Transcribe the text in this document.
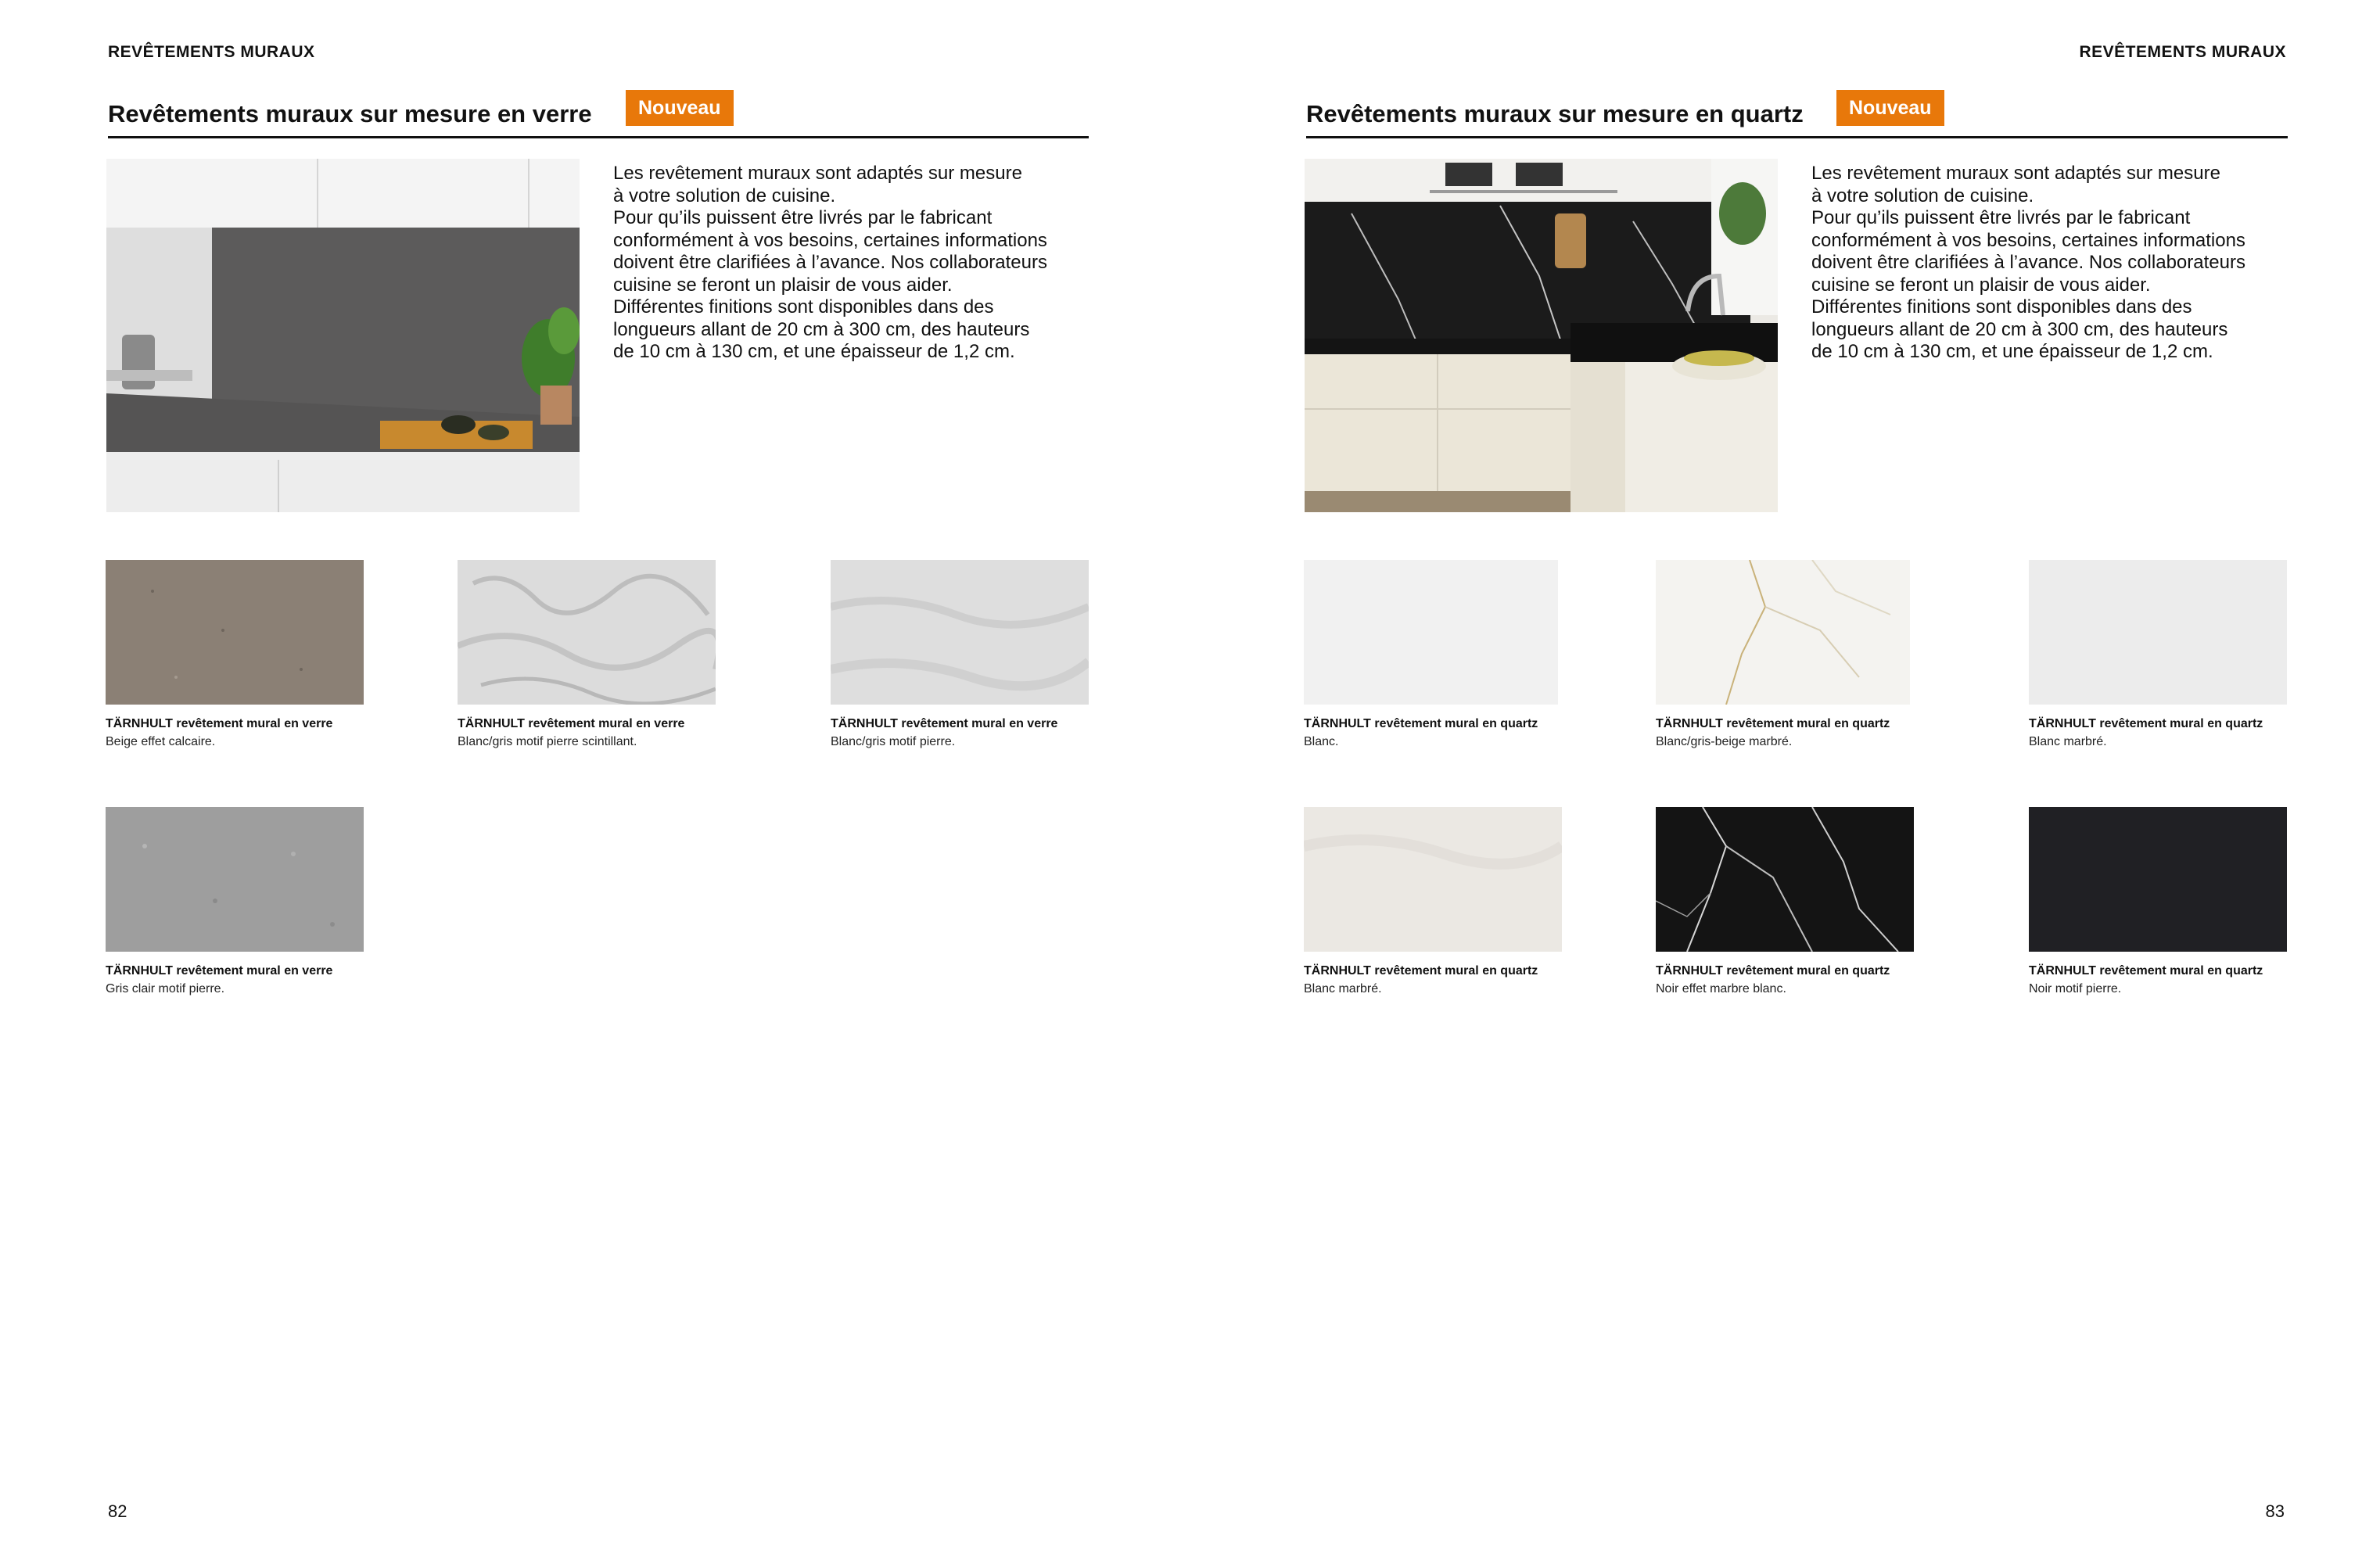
REVÊTEMENTS MURAUX
Revêtements muraux sur mesure en verre	Nouveau

Les revêtement muraux sont adaptés sur mesure

à votre solution de cuisine.

Pour qu’ils puissent être livrés par le fabricant

conformément à vos besoins, certaines informations

doivent être clarifiées à l’avance. Nos collaborateurs

cuisine se feront un plaisir de vous aider.

Différentes finitions sont disponibles dans des

longueurs allant de 20 cm à 300 cm, des hauteurs

de 10 cm à 130 cm, et une épaisseur de 1,2 cm.

TÄRNHULT revêtement mural en verre
Beige effet calcaire.
TÄRNHULT revêtement mural en verre
Blanc/gris motif pierre scintillant.
TÄRNHULT revêtement mural en verre
Blanc/gris motif pierre.
TÄRNHULT revêtement mural en verre
Gris clair motif pierre.
82
REVÊTEMENTS MURAUX
Revêtements muraux sur mesure en quartz	Nouveau

Les revêtement muraux sont adaptés sur mesure

à votre solution de cuisine.

Pour qu’ils puissent être livrés par le fabricant

conformément à vos besoins, certaines informations

doivent être clarifiées à l’avance. Nos collaborateurs

cuisine se feront un plaisir de vous aider.

Différentes finitions sont disponibles dans des

longueurs allant de 20 cm à 300 cm, des hauteurs

de 10 cm à 130 cm, et une épaisseur de 1,2 cm.

TÄRNHULT revêtement mural en quartz
Blanc.
TÄRNHULT revêtement mural en quartz
Blanc/gris-beige marbré.
TÄRNHULT revêtement mural en quartz
Blanc marbré.
TÄRNHULT revêtement mural en quartz
Blanc marbré.
TÄRNHULT revêtement mural en quartz
Noir effet marbre blanc.
TÄRNHULT revêtement mural en quartz
Noir motif pierre.
83
